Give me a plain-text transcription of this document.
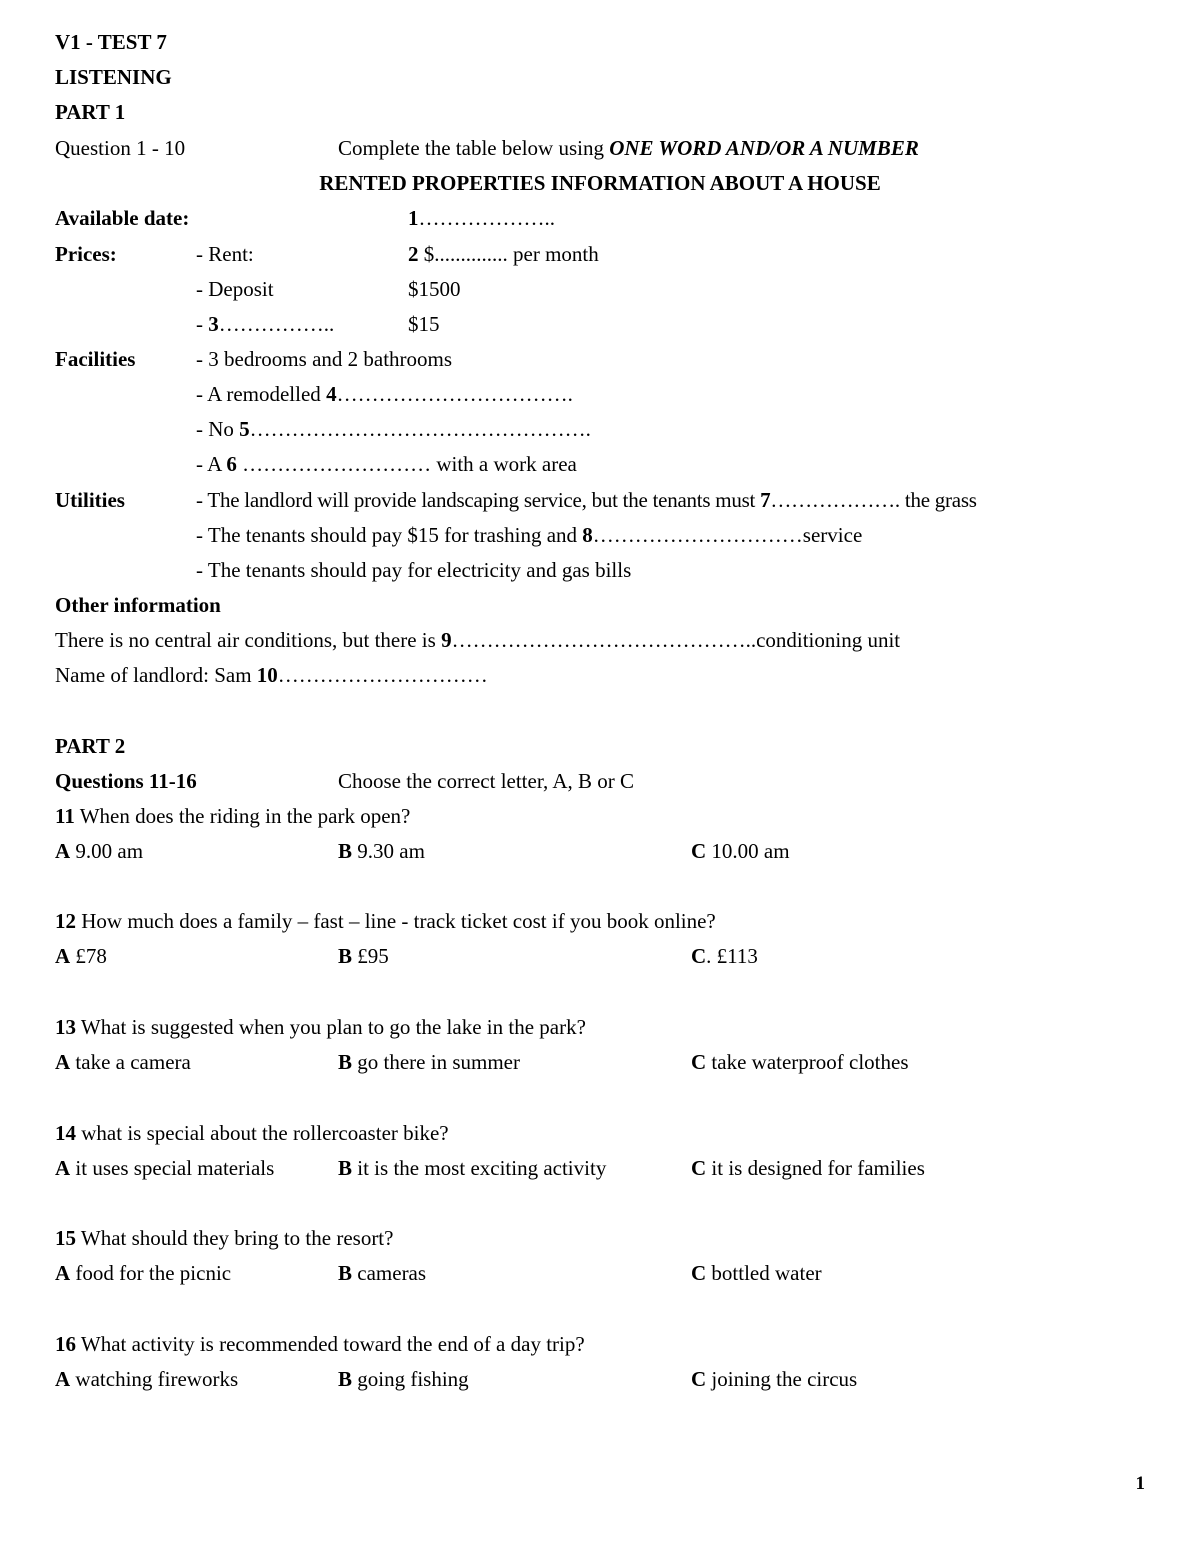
V1 - TEST 7
LISTENING
PART 1
Question 1 - 10	Complete the table below using ONE WORD AND/OR A NUMBER
RENTED PROPERTIES INFORMATION ABOUT A HOUSE
Available date:	1………………..
Prices:	- Rent:	2 $.............. per month
- Deposit	$1500
- 3……………..	$15
Facilities	- 3 bedrooms and 2 bathrooms
- A remodelled 4…………………………….
- No 5………………………………………….
- A 6 ……………………… with a work area
Utilities	- The landlord will provide landscaping service, but the tenants must 7………………. the grass
- The tenants should pay $15 for trashing and 8…………………………service
- The tenants should pay for electricity and gas bills
Other information
There is no central air conditions, but there is 9……………………………………..conditioning unit
Name of landlord: Sam 10…………………………
PART 2
Questions 11-16	Choose the correct letter, A, B or C
11 When does the riding in the park open?
A 9.00 am	B 9.30 am	C 10.00 am
12 How much does a family – fast – line - track ticket cost if you book online?
A £78	B £95	C. £113
13 What is suggested when you plan to go the lake in the park?
A take a camera	B go there in summer	C take waterproof clothes
14 what is special about the rollercoaster bike?
A it uses special materials	B it is the most exciting activity	C it is designed for families
15 What should they bring to the resort?
A food for the picnic	B cameras	C bottled water
16 What activity is recommended toward the end of a day trip?
A watching fireworks	B going fishing	C joining the circus
1
